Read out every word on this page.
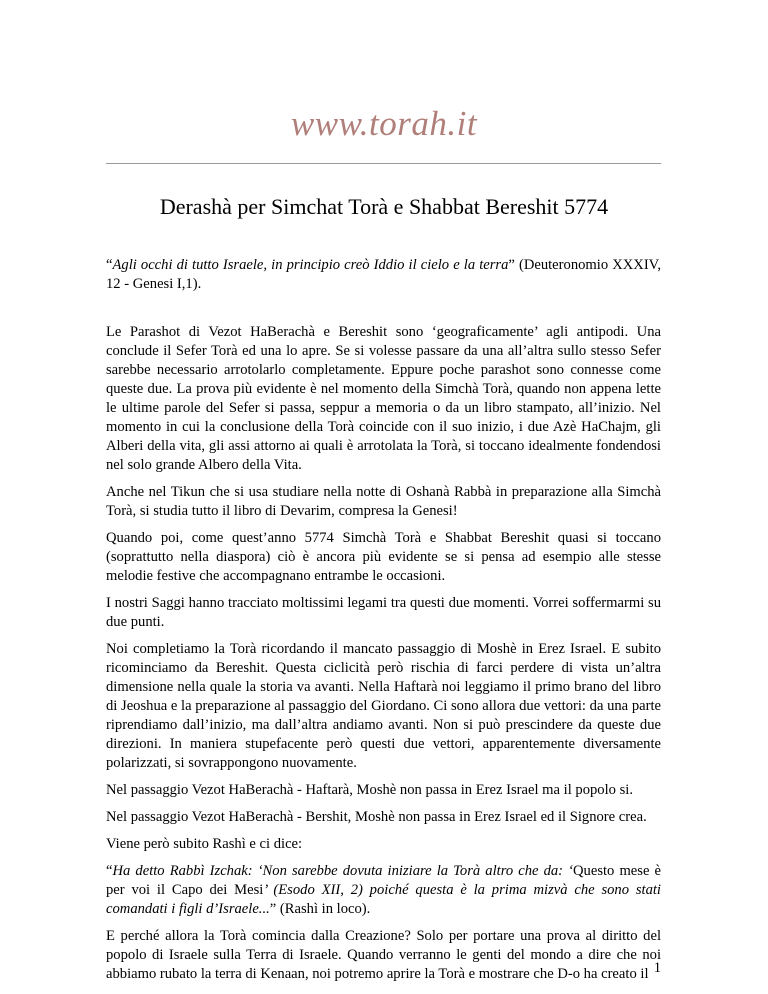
www.torah.it
Derashà per Simchat Torà e Shabbat Bereshit 5774

“Agli occhi di tutto Israele, in principio creò Iddio il cielo e la terra” (Deuteronomio XXXIV, 12 - Genesi I,1).

Le Parashot di Vezot HaBerachà e Bereshit sono ‘geograficamente’ agli antipodi. Una conclude il Sefer Torà ed una lo apre. Se si volesse passare da una all’altra sullo stesso Sefer sarebbe necessario arrotolarlo completamente. Eppure poche parashot sono connesse come queste due. La prova più evidente è nel momento della Simchà Torà, quando non appena lette le ultime parole del Sefer si passa, seppur a memoria o da un libro stampato, all’inizio. Nel momento in cui la conclusione della Torà coincide con il suo inizio, i due Azè HaChajm, gli Alberi della vita, gli assi attorno ai quali è arrotolata la Torà, si toccano idealmente fondendosi nel solo grande Albero della Vita.

Anche nel Tikun che si usa studiare nella notte di Oshanà Rabbà in preparazione alla Simchà Torà, si studia tutto il libro di Devarim, compresa la Genesi!

Quando poi, come quest’anno 5774 Simchà Torà e Shabbat Bereshit quasi si toccano (soprattutto nella diaspora) ciò è ancora più evidente se si pensa ad esempio alle stesse melodie festive che accompagnano entrambe le occasioni.

I nostri Saggi hanno tracciato moltissimi legami tra questi due momenti. Vorrei soffermarmi su due punti.

Noi completiamo la Torà ricordando il mancato passaggio di Moshè in Erez Israel. E subito ricominciamo da Bereshit. Questa ciclicità però rischia di farci perdere di vista un’altra dimensione nella quale la storia va avanti. Nella Haftarà noi leggiamo il primo brano del libro di Jeoshua e la preparazione al passaggio del Giordano. Ci sono allora due vettori: da una parte riprendiamo dall’inizio, ma dall’altra andiamo avanti. Non si può prescindere da queste due direzioni. In maniera stupefacente però questi due vettori, apparentemente diversamente polarizzati, si sovrappongono nuovamente.

Nel passaggio Vezot HaBerachà - Haftarà, Moshè non passa in Erez Israel ma il popolo si.

Nel passaggio Vezot HaBerachà - Bershit, Moshè non passa in Erez Israel ed il Signore crea.

Viene però subito Rashì e ci dice:

“Ha detto Rabbì Izchak: ‘Non sarebbe dovuta iniziare la Torà altro che da: ‘Questo mese è per voi il Capo dei Mesi’ (Esodo XII, 2) poiché questa è la prima mizvà che sono stati comandati i figli d’Israele...” (Rashì in loco).

E perché allora la Torà comincia dalla Creazione? Solo per portare una prova al diritto del popolo di Israele sulla Terra di Israele. Quando verranno le genti del mondo a dire che noi abbiamo rubato la terra di Kenaan, noi potremo aprire la Torà e mostrare che D-o ha creato il 1
